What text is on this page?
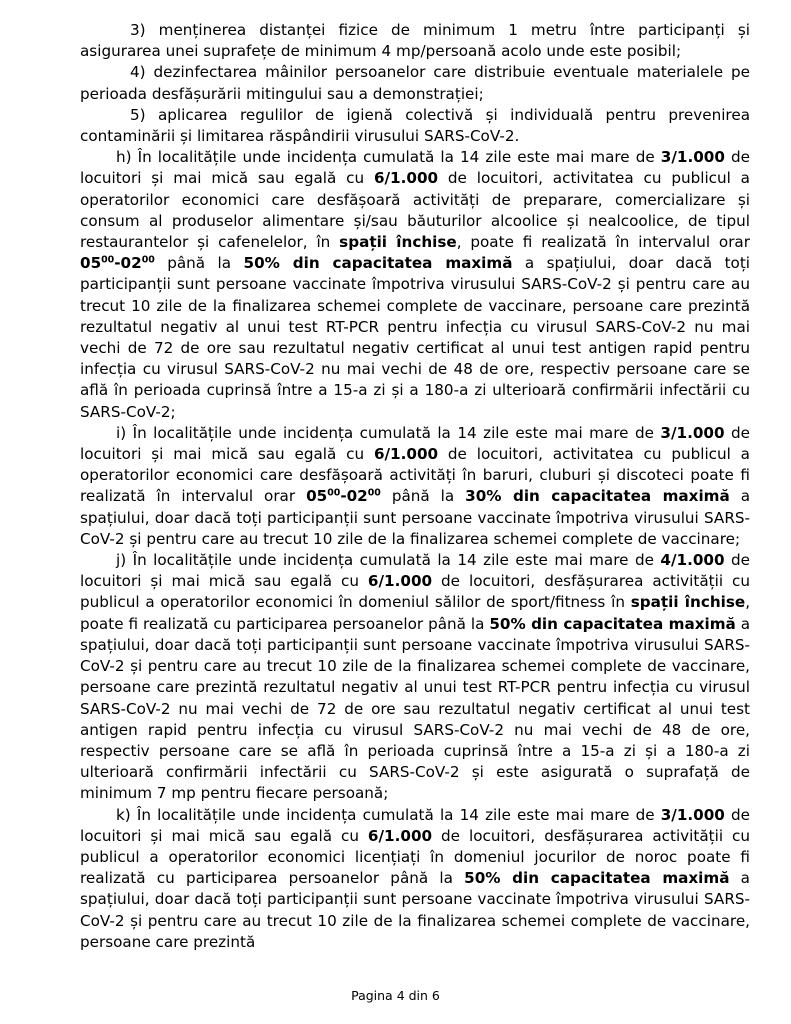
3) menținerea distanței fizice de minimum 1 metru între participanți și asigurarea unei suprafețe de minimum 4 mp/persoană acolo unde este posibil;

4) dezinfectarea mâinilor persoanelor care distribuie eventuale materialele pe perioada desfășurării mitingului sau a demonstrației;

5) aplicarea regulilor de igienă colectivă și individuală pentru prevenirea contaminării și limitarea răspândirii virusului SARS-CoV-2.

h) În localitățile unde incidența cumulată la 14 zile este mai mare de 3/1.000 de locuitori și mai mică sau egală cu 6/1.000 de locuitori, activitatea cu publicul a operatorilor economici care desfășoară activități de preparare, comercializare și consum al produselor alimentare și/sau băuturilor alcoolice și nealcoolice, de tipul restaurantelor și cafenelelor, în spații închise, poate fi realizată în intervalul orar $05^{00}-02^{00}$ până la 50% din capacitatea maximă a spațiului, doar dacă toți participanții sunt persoane vaccinate împotriva virusului SARS-CoV-2 și pentru care au trecut 10 zile de la finalizarea schemei complete de vaccinare, persoane care prezintă rezultatul negativ al unui test RT-PCR pentru infecția cu virusul SARS-CoV-2 nu mai vechi de 72 de ore sau rezultatul negativ certificat al unui test antigen rapid pentru infecția cu virusul SARS-CoV-2 nu mai vechi de 48 de ore, respectiv persoane care se află în perioada cuprinsă între a 15-a zi și a 180-a zi ulterioară confirmării infectării cu SARS-CoV-2;

i) În localitățile unde incidența cumulată la 14 zile este mai mare de 3/1.000 de locuitori și mai mică sau egală cu 6/1.000 de locuitori, activitatea cu publicul a operatorilor economici care desfășoară activități în baruri, cluburi și discoteci poate fi realizată în intervalul orar $05^{00}-02^{00}$ până la 30% din capacitatea maximă a spațiului, doar dacă toți participanții sunt persoane vaccinate împotriva virusului SARS-CoV-2 și pentru care au trecut 10 zile de la finalizarea schemei complete de vaccinare;

j) În localitățile unde incidența cumulată la 14 zile este mai mare de 4/1.000 de locuitori și mai mică sau egală cu 6/1.000 de locuitori, desfășurarea activității cu publicul a operatorilor economici în domeniul sălilor de sport/fitness în spații închise, poate fi realizată cu participarea persoanelor până la 50% din capacitatea maximă a spațiului, doar dacă toți participanții sunt persoane vaccinate împotriva virusului SARS-CoV-2 și pentru care au trecut 10 zile de la finalizarea schemei complete de vaccinare, persoane care prezintă rezultatul negativ al unui test RT-PCR pentru infecția cu virusul SARS-CoV-2 nu mai vechi de 72 de ore sau rezultatul negativ certificat al unui test antigen rapid pentru infecția cu virusul SARS-CoV-2 nu mai vechi de 48 de ore, respectiv persoane care se află în perioada cuprinsă între a 15-a zi și a 180-a zi ulterioară confirmării infectării cu SARS-CoV-2 și este asigurată o suprafață de minimum 7 mp pentru fiecare persoană;

k) În localitățile unde incidența cumulată la 14 zile este mai mare de 3/1.000 de locuitori și mai mică sau egală cu 6/1.000 de locuitori, desfășurarea activității cu publicul a operatorilor economici licențiați în domeniul jocurilor de noroc poate fi realizată cu participarea persoanelor până la 50% din capacitatea maximă a spațiului, doar dacă toți participanții sunt persoane vaccinate împotriva virusului SARS-CoV-2 și pentru care au trecut 10 zile de la finalizarea schemei complete de vaccinare, persoane care prezintă

Pagina 4 din 6
